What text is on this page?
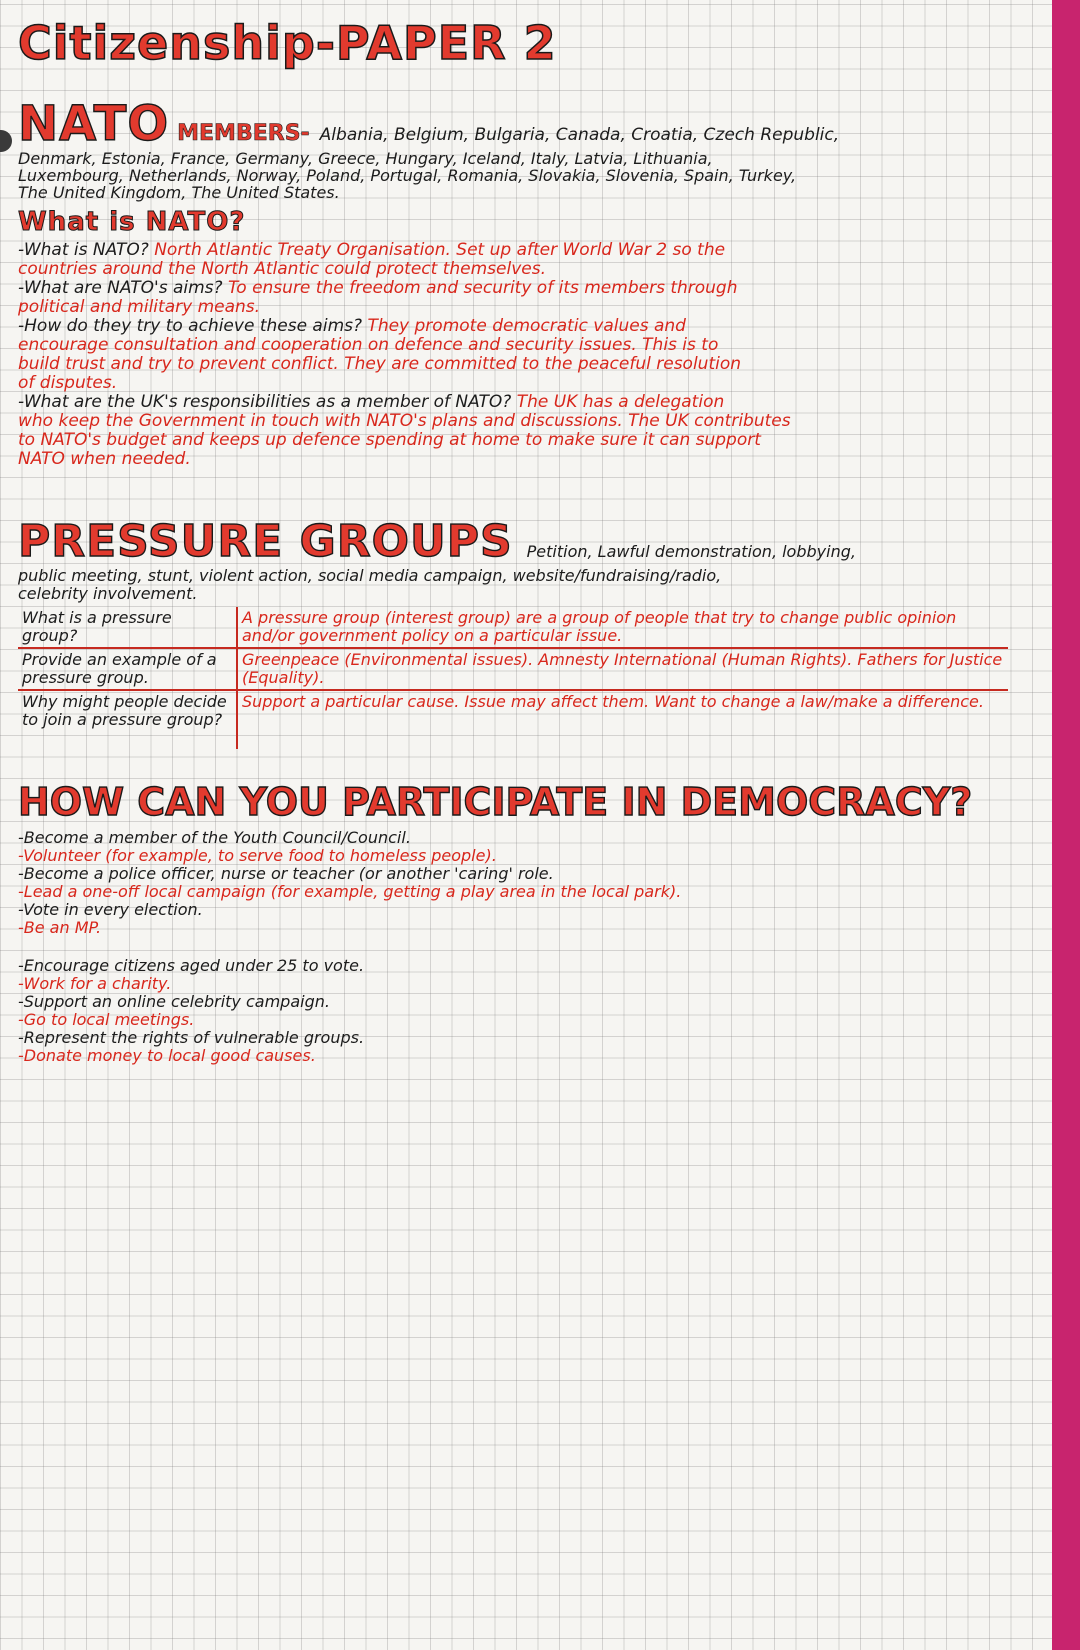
Citizenship-PAPER 2
NATO MEMBERS- Albania, Belgium, Bulgaria, Canada, Croatia, Czech Republic,
Denmark, Estonia, France, Germany, Greece, Hungary, Iceland, Italy, Latvia, Lithuania,
Luxembourg, Netherlands, Norway, Poland, Portugal, Romania, Slovakia, Slovenia, Spain, Turkey,
The United Kingdom, The United States.
What is NATO?
-What is NATO? North Atlantic Treaty Organisation. Set up after World War 2 so the
countries around the North Atlantic could protect themselves.
-What are NATO's aims? To ensure the freedom and security of its members through
political and military means.
-How do they try to achieve these aims? They promote democratic values and
encourage consultation and cooperation on defence and security issues. This is to
build trust and try to prevent conflict. They are committed to the peaceful resolution
of disputes.
-What are the UK's responsibilities as a member of NATO? The UK has a delegation
who keep the Government in touch with NATO's plans and discussions. The UK contributes
to NATO's budget and keeps up defence spending at home to make sure it can support
NATO when needed.
PRESSURE GROUPS Petition, Lawful demonstration, lobbying,
public meeting, stunt, violent action, social media campaign, website/fundraising/radio,
celebrity involvement.
What is a pressure group?	A pressure group (interest group) are a group of people that try to change public opinion and/or government policy on a particular issue.
Provide an example of a pressure group.	Greenpeace (Environmental issues). Amnesty International (Human Rights). Fathers for Justice (Equality).
Why might people decide to join a pressure group?	Support a particular cause. Issue may affect them. Want to change a law/make a difference.
HOW CAN YOU PARTICIPATE IN DEMOCRACY?
-Become a member of the Youth Council/Council.
-Volunteer (for example, to serve food to homeless people).
-Become a police officer, nurse or teacher (or another 'caring' role.
-Lead a one-off local campaign (for example, getting a play area in the local park).
-Vote in every election.
-Be an MP.
-Encourage citizens aged under 25 to vote.
-Work for a charity.
-Support an online celebrity campaign.
-Go to local meetings.
-Represent the rights of vulnerable groups.
-Donate money to local good causes.
